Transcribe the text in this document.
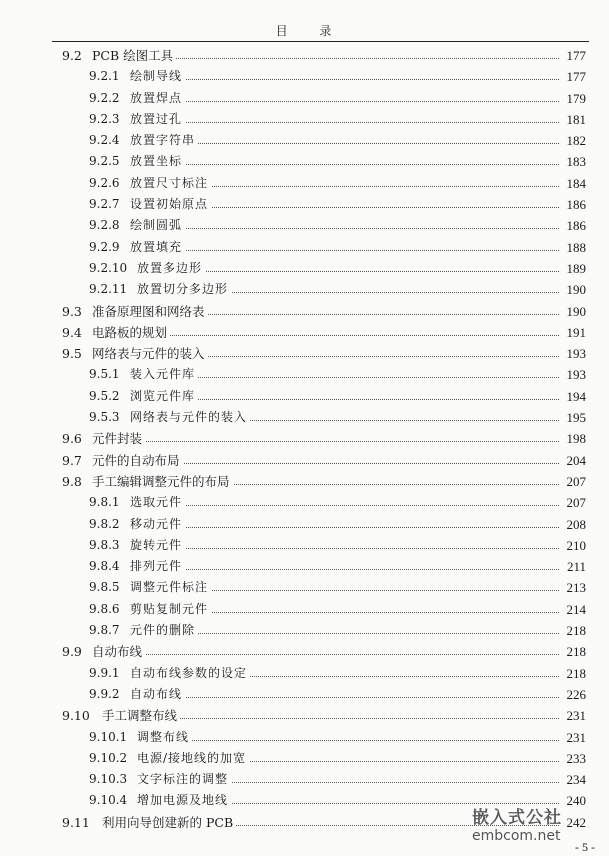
目 录
9.2 PCB 绘图工具	177
9.2.1 绘制导线	177
9.2.2 放置焊点	179
9.2.3 放置过孔	181
9.2.4 放置字符串	182
9.2.5 放置坐标	183
9.2.6 放置尺寸标注	184
9.2.7 设置初始原点	186
9.2.8 绘制圆弧	186
9.2.9 放置填充	188
9.2.10 放置多边形	189
9.2.11 放置切分多边形	190
9.3 准备原理图和网络表	190
9.4 电路板的规划	191
9.5 网络表与元件的装入	193
9.5.1 装入元件库	193
9.5.2 浏览元件库	194
9.5.3 网络表与元件的装入	195
9.6 元件封装	198
9.7 元件的自动布局	204
9.8 手工编辑调整元件的布局	207
9.8.1 选取元件	207
9.8.2 移动元件	208
9.8.3 旋转元件	210
9.8.4 排列元件	211
9.8.5 调整元件标注	213
9.8.6 剪贴复制元件	214
9.8.7 元件的删除	218
9.9 自动布线	218
9.9.1 自动布线参数的设定	218
9.9.2 自动布线	226
9.10 手工调整布线	231
9.10.1 调整布线	231
9.10.2 电源/接地线的加宽	233
9.10.3 文字标注的调整	234
9.10.4 增加电源及地线	240
9.11 利用向导创建新的 PCB	242
嵌入式公社
embcom.net
- 5 -
